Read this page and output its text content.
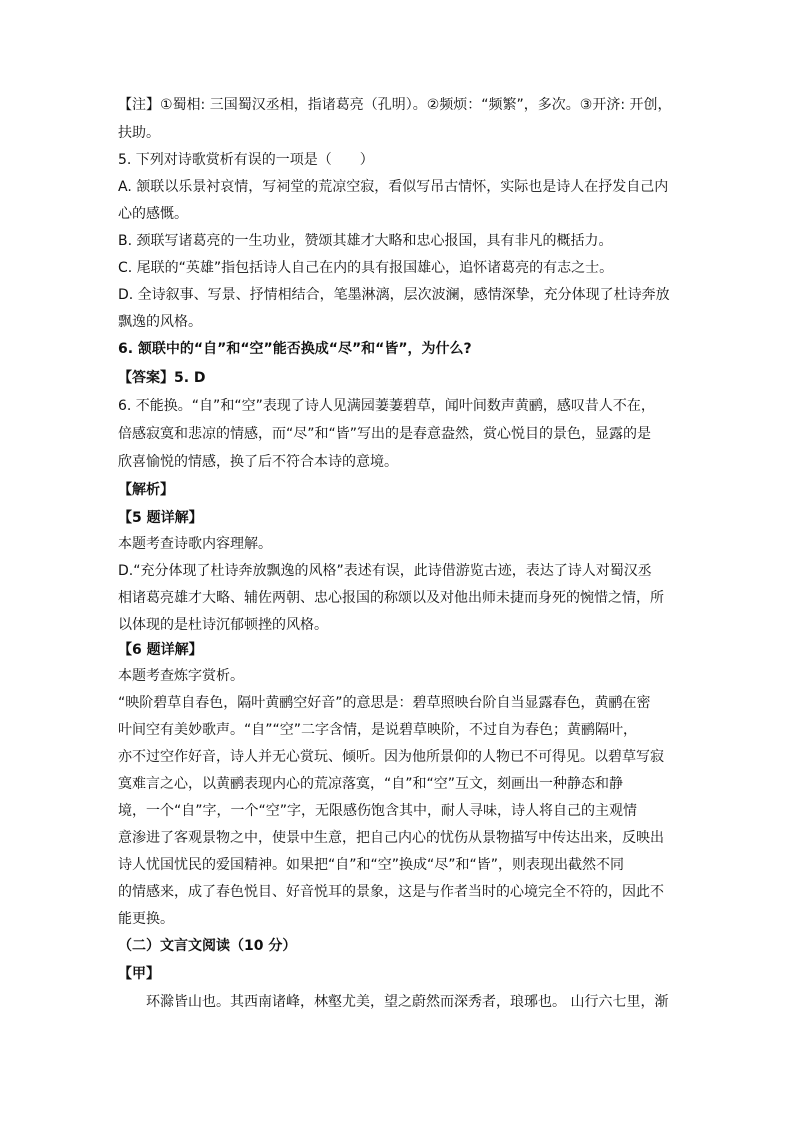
【注】①蜀相: 三国蜀汉丞相，指诸葛亮（孔明）。②频烦：“频繁”，多次。③开济: 开创，
扶助。
5. 下列对诗歌赏析有误的一项是（　　）
A. 颔联以乐景衬哀情，写祠堂的荒凉空寂，看似写吊古情怀，实际也是诗人在抒发自己内
心的感慨。
B. 颈联写诸葛亮的一生功业，赞颂其雄才大略和忠心报国，具有非凡的概括力。
C. 尾联的“英雄”指包括诗人自己在内的具有报国雄心，追怀诸葛亮的有志之士。
D. 全诗叙事、写景、抒情相结合，笔墨淋漓，层次波澜，感情深挚，充分体现了杜诗奔放
飘逸的风格。
6. 颔联中的“自”和“空”能否换成“尽”和“皆”，为什么?
【答案】5. D
6. 不能换。“自”和“空”表现了诗人见满园萋萋碧草，闻叶间数声黄鹂，感叹昔人不在，
倍感寂寞和悲凉的情感，而“尽”和“皆”写出的是春意盎然，赏心悦目的景色，显露的是
欣喜愉悦的情感，换了后不符合本诗的意境。
【解析】
【5 题详解】
本题考查诗歌内容理解。
D.“充分体现了杜诗奔放飘逸的风格”表述有误，此诗借游览古迹，表达了诗人对蜀汉丞
相诸葛亮雄才大略、辅佐两朝、忠心报国的称颂以及对他出师未捷而身死的惋惜之情，所
以体现的是杜诗沉郁顿挫的风格。
【6 题详解】
本题考查炼字赏析。
“映阶碧草自春色，隔叶黄鹂空好音”的意思是：碧草照映台阶自当显露春色，黄鹂在密
叶间空有美妙歌声。“自”“空”二字含情，是说碧草映阶，不过自为春色；黄鹂隔叶，
亦不过空作好音，诗人并无心赏玩、倾听。因为他所景仰的人物已不可得见。以碧草写寂
寞难言之心，以黄鹂表现内心的荒凉落寞，“自”和“空”互文，刻画出一种静态和静
境，一个“自”字，一个“空”字，无限感伤饱含其中，耐人寻味，诗人将自己的主观情
意渗进了客观景物之中，使景中生意，把自己内心的忧伤从景物描写中传达出来，反映出
诗人忧国忧民的爱国精神。如果把“自”和“空”换成“尽”和“皆”，则表现出截然不同
的情感来，成了春色悦目、好音悦耳的景象，这是与作者当时的心境完全不符的，因此不
能更换。
（二）文言文阅读（10 分）
【甲】
环滁皆山也。其西南诸峰，林壑尤美，望之蔚然而深秀者，琅琊也。 山行六七里，渐
